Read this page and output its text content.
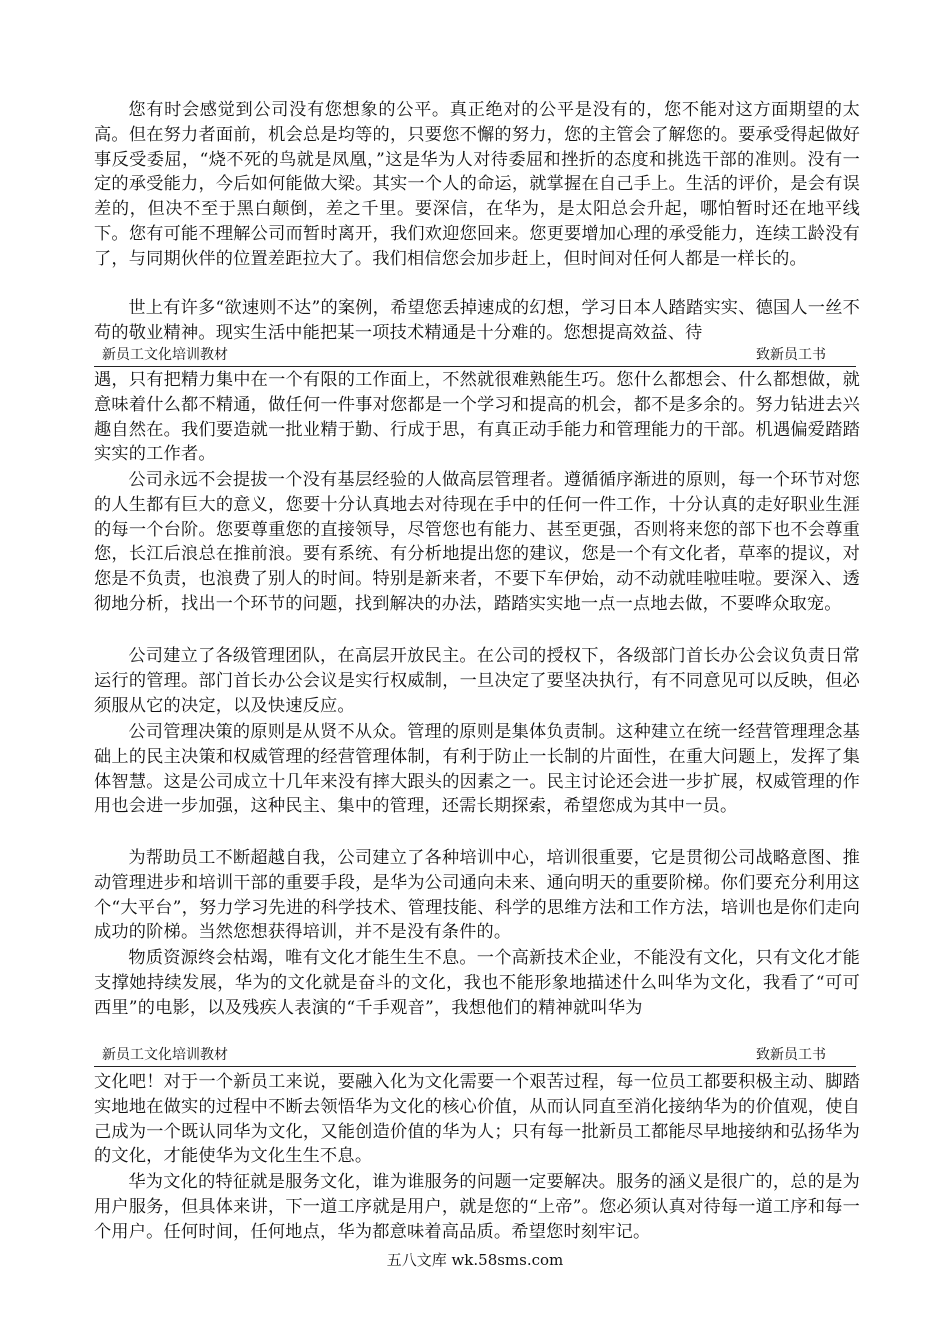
您有时会感觉到公司没有您想象的公平。真正绝对的公平是没有的，您不能对这方面期望的太高。但在努力者面前，机会总是均等的，只要您不懈的努力，您的主管会了解您的。要承受得起做好事反受委屈，“烧不死的鸟就是凤凰，”这是华为人对待委屈和挫折的态度和挑选干部的准则。没有一定的承受能力，今后如何能做大梁。其实一个人的命运，就掌握在自己手上。生活的评价，是会有误差的，但决不至于黑白颠倒，差之千里。要深信，在华为，是太阳总会升起，哪怕暂时还在地平线下。您有可能不理解公司而暂时离开，我们欢迎您回来。您更要增加心理的承受能力，连续工龄没有了，与同期伙伴的位置差距拉大了。我们相信您会加步赶上，但时间对任何人都是一样长的。

世上有许多“欲速则不达”的案例，希望您丢掉速成的幻想，学习日本人踏踏实实、德国人一丝不苟的敬业精神。现实生活中能把某一项技术精通是十分难的。您想提高效益、待

新员工文化培训教材	致新员工书

遇，只有把精力集中在一个有限的工作面上，不然就很难熟能生巧。您什么都想会、什么都想做，就意味着什么都不精通，做任何一件事对您都是一个学习和提高的机会，都不是多余的。努力钻进去兴趣自然在。我们要造就一批业精于勤、行成于思，有真正动手能力和管理能力的干部。机遇偏爱踏踏实实的工作者。

公司永远不会提拔一个没有基层经验的人做高层管理者。遵循循序渐进的原则，每一个环节对您的人生都有巨大的意义，您要十分认真地去对待现在手中的任何一件工作，十分认真的走好职业生涯的每一个台阶。您要尊重您的直接领导，尽管您也有能力、甚至更强，否则将来您的部下也不会尊重您，长江后浪总在推前浪。要有系统、有分析地提出您的建议，您是一个有文化者，草率的提议，对您是不负责，也浪费了别人的时间。特别是新来者，不要下车伊始，动不动就哇啦哇啦。要深入、透彻地分析，找出一个环节的问题，找到解决的办法，踏踏实实地一点一点地去做，不要哗众取宠。

公司建立了各级管理团队，在高层开放民主。在公司的授权下，各级部门首长办公会议负责日常运行的管理。部门首长办公会议是实行权威制，一旦决定了要坚决执行，有不同意见可以反映，但必须服从它的决定，以及快速反应。

公司管理决策的原则是从贤不从众。管理的原则是集体负责制。这种建立在统一经营管理理念基础上的民主决策和权威管理的经营管理体制，有利于防止一长制的片面性，在重大问题上，发挥了集体智慧。这是公司成立十几年来没有摔大跟头的因素之一。民主讨论还会进一步扩展，权威管理的作用也会进一步加强，这种民主、集中的管理，还需长期探索，希望您成为其中一员。

为帮助员工不断超越自我，公司建立了各种培训中心，培训很重要，它是贯彻公司战略意图、推动管理进步和培训干部的重要手段，是华为公司通向未来、通向明天的重要阶梯。你们要充分利用这个“大平台”，努力学习先进的科学技术、管理技能、科学的思维方法和工作方法，培训也是你们走向成功的阶梯。当然您想获得培训，并不是没有条件的。

物质资源终会枯竭，唯有文化才能生生不息。一个高新技术企业，不能没有文化，只有文化才能支撑她持续发展，华为的文化就是奋斗的文化，我也不能形象地描述什么叫华为文化，我看了“可可西里”的电影，以及残疾人表演的“千手观音”，我想他们的精神就叫华为

新员工文化培训教材	致新员工书

文化吧！对于一个新员工来说，要融入化为文化需要一个艰苦过程，每一位员工都要积极主动、脚踏实地地在做实的过程中不断去领悟华为文化的核心价值，从而认同直至消化接纳华为的价值观，使自己成为一个既认同华为文化，又能创造价值的华为人；只有每一批新员工都能尽早地接纳和弘扬华为的文化，才能使华为文化生生不息。

华为文化的特征就是服务文化，谁为谁服务的问题一定要解决。服务的涵义是很广的，总的是为用户服务，但具体来讲，下一道工序就是用户，就是您的“上帝”。您必须认真对待每一道工序和每一个用户。任何时间，任何地点，华为都意味着高品质。希望您时刻牢记。

五八文库 wk.58sms.com
